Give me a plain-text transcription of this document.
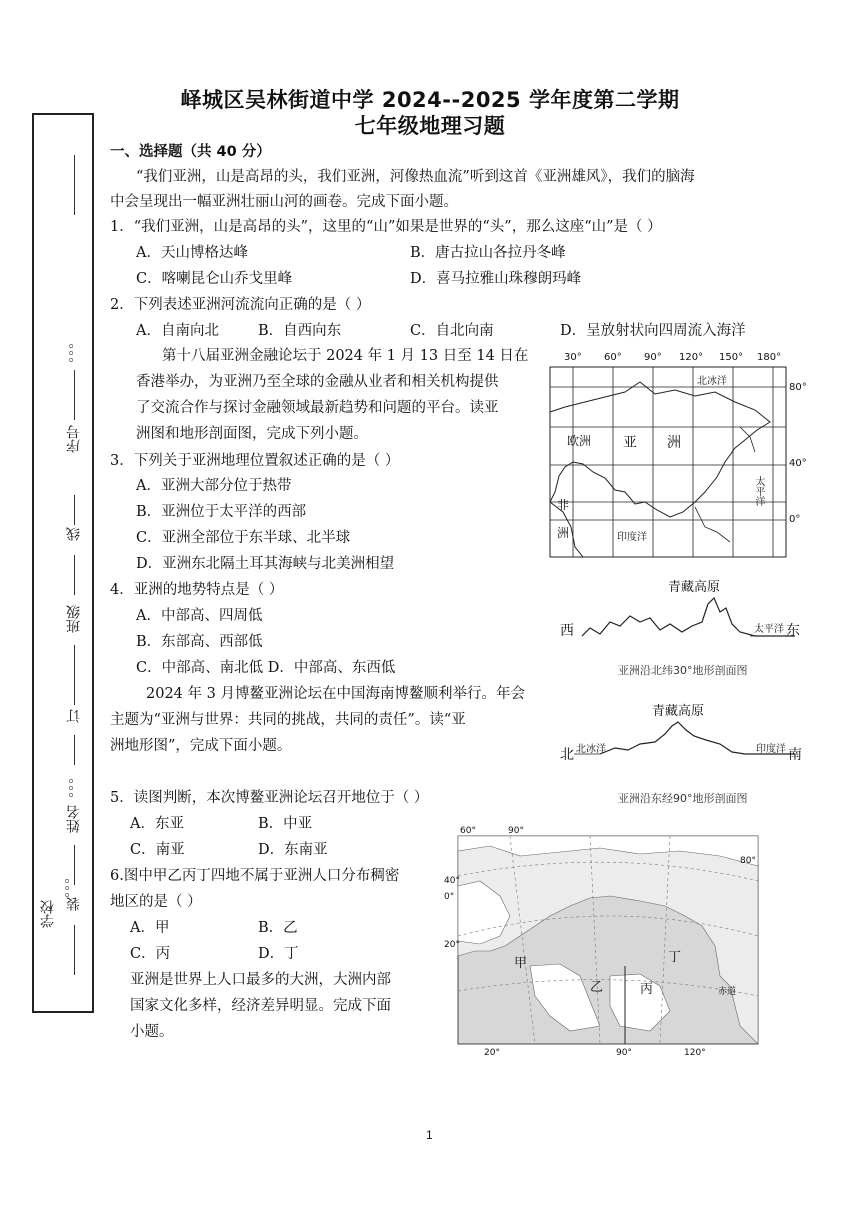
峄城区吴林街道中学 2024--2025 学年度第二学期
七年级地理习题
。。。
序号
线
班级
订
。。。
姓名
装
。。。
学校
一、选择题（共 40 分）
“我们亚洲，山是高昂的头，我们亚洲，河像热血流”听到这首《亚洲雄风》，我们的脑海
中会呈现出一幅亚洲壮丽山河的画卷。完成下面小题。
1．“我们亚洲，山是高昂的头”，这里的“山”如果是世界的“头”，那么这座“山”是（ ）
A．天山博格达峰	B．唐古拉山各拉丹冬峰
C．喀喇昆仑山乔戈里峰	D．喜马拉雅山珠穆朗玛峰
2．下列表述亚洲河流流向正确的是（ ）
A．自南向北	B．自西向东	C．自北向南	D．呈放射状向四周流入海洋
第十八届亚洲金融论坛于 2024 年 1 月 13 日至 14 日在
香港举办，为亚洲乃至全球的金融从业者和相关机构提供
了交流合作与探讨金融领域最新趋势和问题的平台。读亚
洲图和地形剖面图，完成下列小题。
3．下列关于亚洲地理位置叙述正确的是（ ）
A．亚洲大部分位于热带
B．亚洲位于太平洋的西部
C．亚洲全部位于东半球、北半球
D．亚洲东北隔土耳其海峡与北美洲相望
4．亚洲的地势特点是（ ）
A．中部高、四周低
B．东部高、西部低
C．中部高、南北低 D．中部高、东西低
2024 年 3 月博鳌亚洲论坛在中国海南博鳌顺利举行。年会
主题为“亚洲与世界：共同的挑战，共同的责任”。读“亚
洲地形图”，完成下面小题。
5．读图判断，本次博鳌亚洲论坛召开地位于（ ）
A．东亚	B．中亚
C．南亚	D．东南亚
6.图中甲乙丙丁四地不属于亚洲人口分布稠密
地区的是（ ）
A．甲	B．乙
C．丙	D．丁
亚洲是世界上人口最多的大洲，大洲内部
国家文化多样，经济差异明显。完成下面
小题。
30° 60° 90° 120° 150° 180°
80°
40°
0°
北冰洋
欧洲 亚 洲
非
洲	印度洋
太平洋
青藏高原
西	东
太平洋
亚洲沿北纬30°地形剖面图
青藏高原
北	南
北冰洋	印度洋
亚洲沿东经90°地形剖面图
60°	90°
80°
40°
0°
20°
20°	90°	120°
甲
乙	丙
丁
赤道
1
